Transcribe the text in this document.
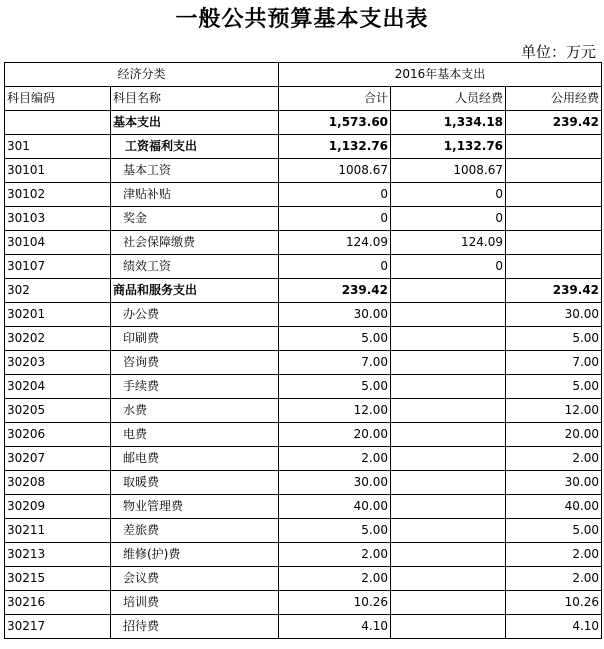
一般公共预算基本支出表
单位：万元
经济分类		2016年基本支出		
科目编码	科目名称	合计	人员经费	公用经费
	基本支出	1,573.60	1,334.18	239.42
301	工资福利支出	1,132.76	1,132.76	
30101	基本工资	1008.67	1008.67	
30102	津贴补贴	0	0	
30103	奖金	0	0	
30104	社会保障缴费	124.09	124.09	
30107	绩效工资	0	0	
302	商品和服务支出	239.42		239.42
30201	办公费	30.00		30.00
30202	印刷费	5.00		5.00
30203	咨询费	7.00		7.00
30204	手续费	5.00		5.00
30205	水费	12.00		12.00
30206	电费	20.00		20.00
30207	邮电费	2.00		2.00
30208	取暖费	30.00		30.00
30209	物业管理费	40.00		40.00
30211	差旅费	5.00		5.00
30213	维修(护)费	2.00		2.00
30215	会议费	2.00		2.00
30216	培训费	10.26		10.26
30217	招待费	4.10		4.10
